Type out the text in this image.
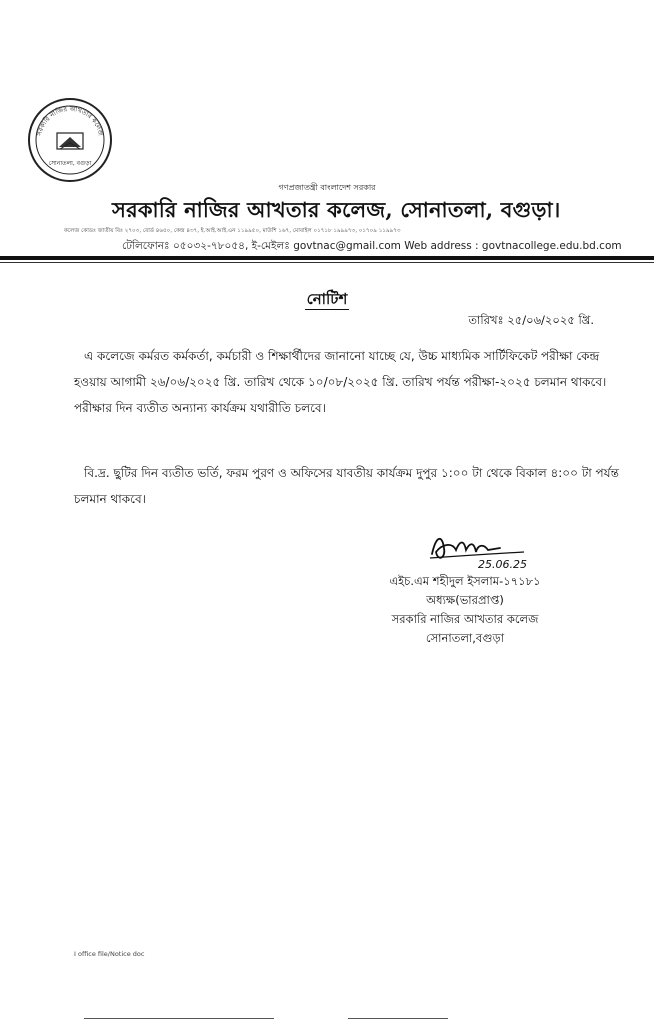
সরকারি নাজির আখতার কলেজ
সোনাতলা, বগুড়া
গণপ্রজাতন্ত্রী বাংলাদেশ সরকার
সরকারি নাজির আখতার কলেজ, সোনাতলা, বগুড়া।
কলেজ কোডঃ জাতীয় বিঃ ২৭০৩, বোর্ড ৪৬৫০, কেন্দ্র ৪৩৭, ই.আই.আই.এন ১১৯৯৫০, মাউশি ১৬৭, মোবাইল ০১৭১৮ ১৯৯৯৭৩, ০১৭০৯ ১১৯৯৭৩
টেলিফোনঃ ০৫০৩২-৭৮০৫৪, ই-মেইলঃ govtnac@gmail.com Web address : govtnacollege.edu.bd.com
নোটিশ
তারিখঃ ২৫/০৬/২০২৫ খ্রি.

এ কলেজে কর্মরত কর্মকর্তা, কর্মচারী ও শিক্ষার্থীদের জানানো যাচ্ছে যে, উচ্চ মাধ্যমিক সার্টিফিকেট পরীক্ষা কেন্দ্র হওয়ায় আগামী ২৬/০৬/২০২৫ খ্রি. তারিখ থেকে ১০/০৮/২০২৫ খ্রি. তারিখ পর্যন্ত পরীক্ষা-২০২৫ চলমান থাকবে। পরীক্ষার দিন ব্যতীত অন্যান্য কার্যক্রম যথারীতি চলবে।

বি.দ্র. ছুটির দিন ব্যতীত ভর্তি, ফরম পুরণ ও অফিসের যাবতীয় কার্যক্রম দুপুর ১:০০ টা থেকে বিকাল ৪:০০ টা পর্যন্ত চলমান থাকবে।

25.06.25
এইচ.এম শহীদুল ইসলাম-১৭১৮১
অধ্যক্ষ(ভারপ্রাপ্ত)
সরকারি নাজির আখতার কলেজ
সোনাতলা,বগুড়া
I office file/Notice doc
